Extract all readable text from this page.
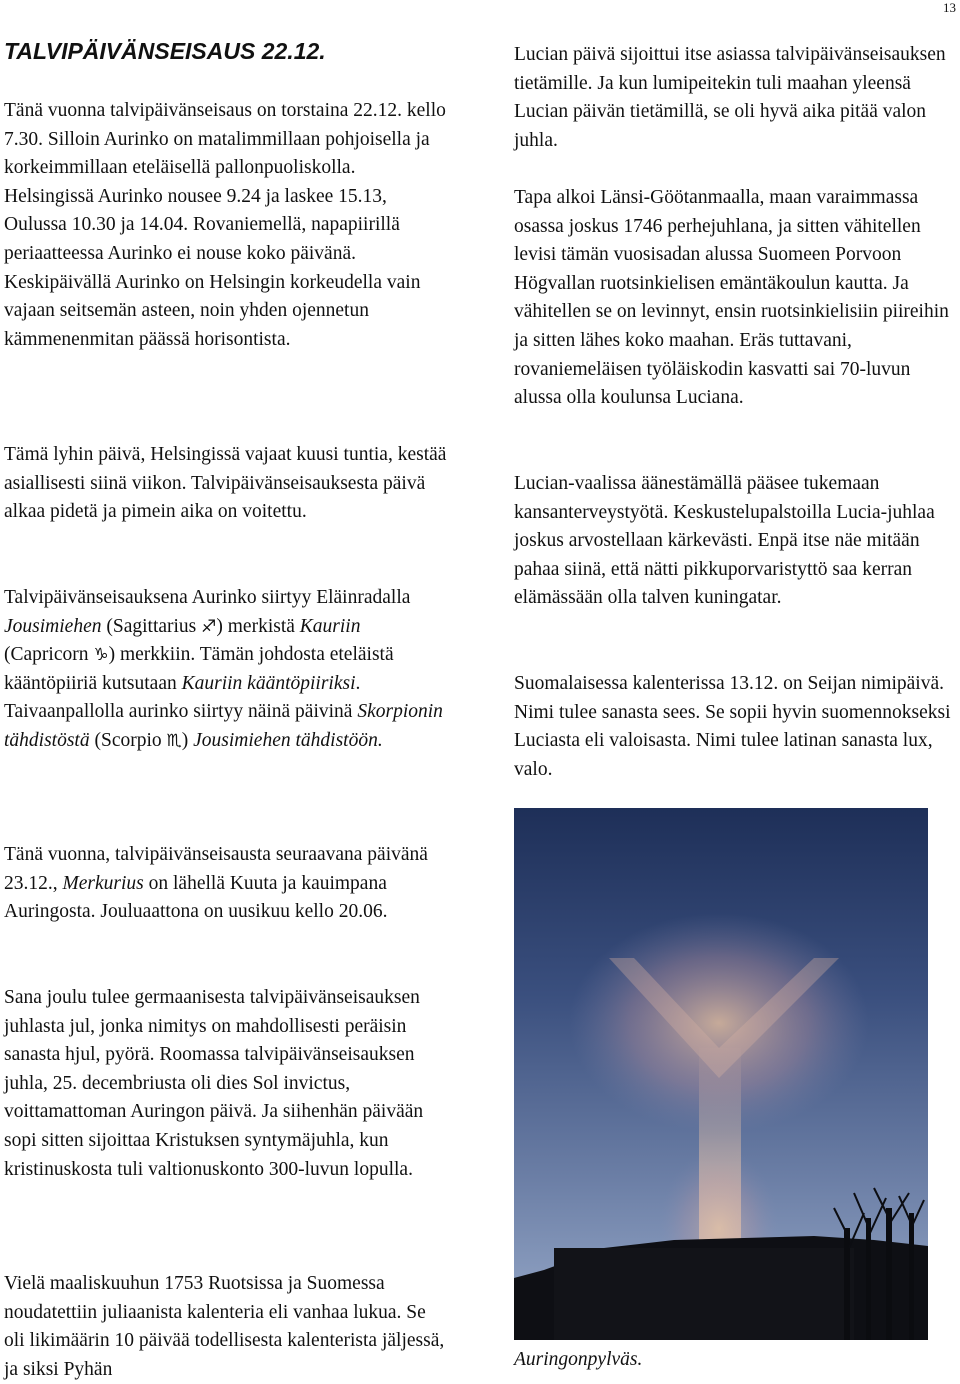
13
TALVIPÄIVÄNSEISAUS 22.12.

Tänä vuonna talvipäivänseisaus on torstaina 22.12. kello 7.30. Silloin Aurinko on matalimmillaan pohjoisella ja korkeimmillaan eteläisellä pallonpuoliskolla. Helsingissä Aurinko nousee 9.24 ja laskee 15.13, Oulussa 10.30 ja 14.04. Rovaniemellä, napapiirillä periaatteessa Aurinko ei nouse koko päivänä. Keskipäivällä Aurinko on Helsingin korkeudella vain vajaan seitsemän asteen, noin yhden ojennetun kämmenenmitan päässä horisontista.

Tämä lyhin päivä, Helsingissä vajaat kuusi tuntia, kestää asiallisesti siinä viikon. Talvipäivänseisauksesta päivä alkaa pidetä ja pimein aika on voitettu.

Talvipäivänseisauksena Aurinko siirtyy Eläinradalla Jousimiehen (Sagittarius ♐) merkistä Kauriin (Capricorn ♑) merkkiin. Tämän johdosta eteläistä kääntöpiiriä kutsutaan Kauriin kääntöpiiriksi. Taivaanpallolla aurinko siirtyy näinä päivinä Skorpionin tähdistöstä (Scorpio ♏) Jousimiehen tähdistöön.

Tänä vuonna, talvipäivänseisausta seuraavana päivänä 23.12., Merkurius on lähellä Kuuta ja kauimpana Auringosta. Jouluaattona on uusikuu kello 20.06.

Sana joulu tulee germaanisesta talvipäivänseisauksen juhlasta jul, jonka nimitys on mahdollisesti peräisin sanasta hjul, pyörä. Roomassa talvipäivänseisauksen juhla, 25. decembriusta oli dies Sol invictus, voittamattoman Auringon päivä. Ja siihenhän päivään sopi sitten sijoittaa Kristuksen syntymäjuhla, kun kristinuskosta tuli valtionuskonto 300-luvun lopulla.

Vielä maaliskuuhun 1753 Ruotsissa ja Suomessa noudatettiin juliaanista kalenteria eli vanhaa lukua. Se oli likimäärin 10 päivää todellisesta kalenterista jäljessä, ja siksi Pyhän

Lucian päivä sijoittui itse asiassa talvipäivänseisauksen tietämille. Ja kun lumipeitekin tuli maahan yleensä Lucian päivän tietämillä, se oli hyvä aika pitää valon juhla.

Tapa alkoi Länsi-Göötanmaalla, maan varaimmassa osassa joskus 1746 perhejuhlana, ja sitten vähitellen levisi tämän vuosisadan alussa Suomeen Porvoon Högvallan ruotsinkielisen emäntäkoulun kautta. Ja vähitellen se on levinnyt, ensin ruotsinkielisiin piireihin ja sitten lähes koko maahan. Eräs tuttavani, rovaniemeläisen työläiskodin kasvatti sai 70-luvun alussa olla koulunsa Luciana.

Lucian-vaalissa äänestämällä pääsee tukemaan kansanterveystyötä. Keskustelupalstoilla Lucia-juhlaa joskus arvostellaan kärkevästi. Enpä itse näe mitään pahaa siinä, että nätti pikkuporvaristyttö saa kerran elämässään olla talven kuningatar.

Suomalaisessa kalenterissa 13.12. on Seijan nimipäivä. Nimi tulee sanasta sees. Se sopii hyvin suomennokseksi Luciasta eli valoisasta. Nimi tulee latinan sanasta lux, valo.

Auringonpylväs.
